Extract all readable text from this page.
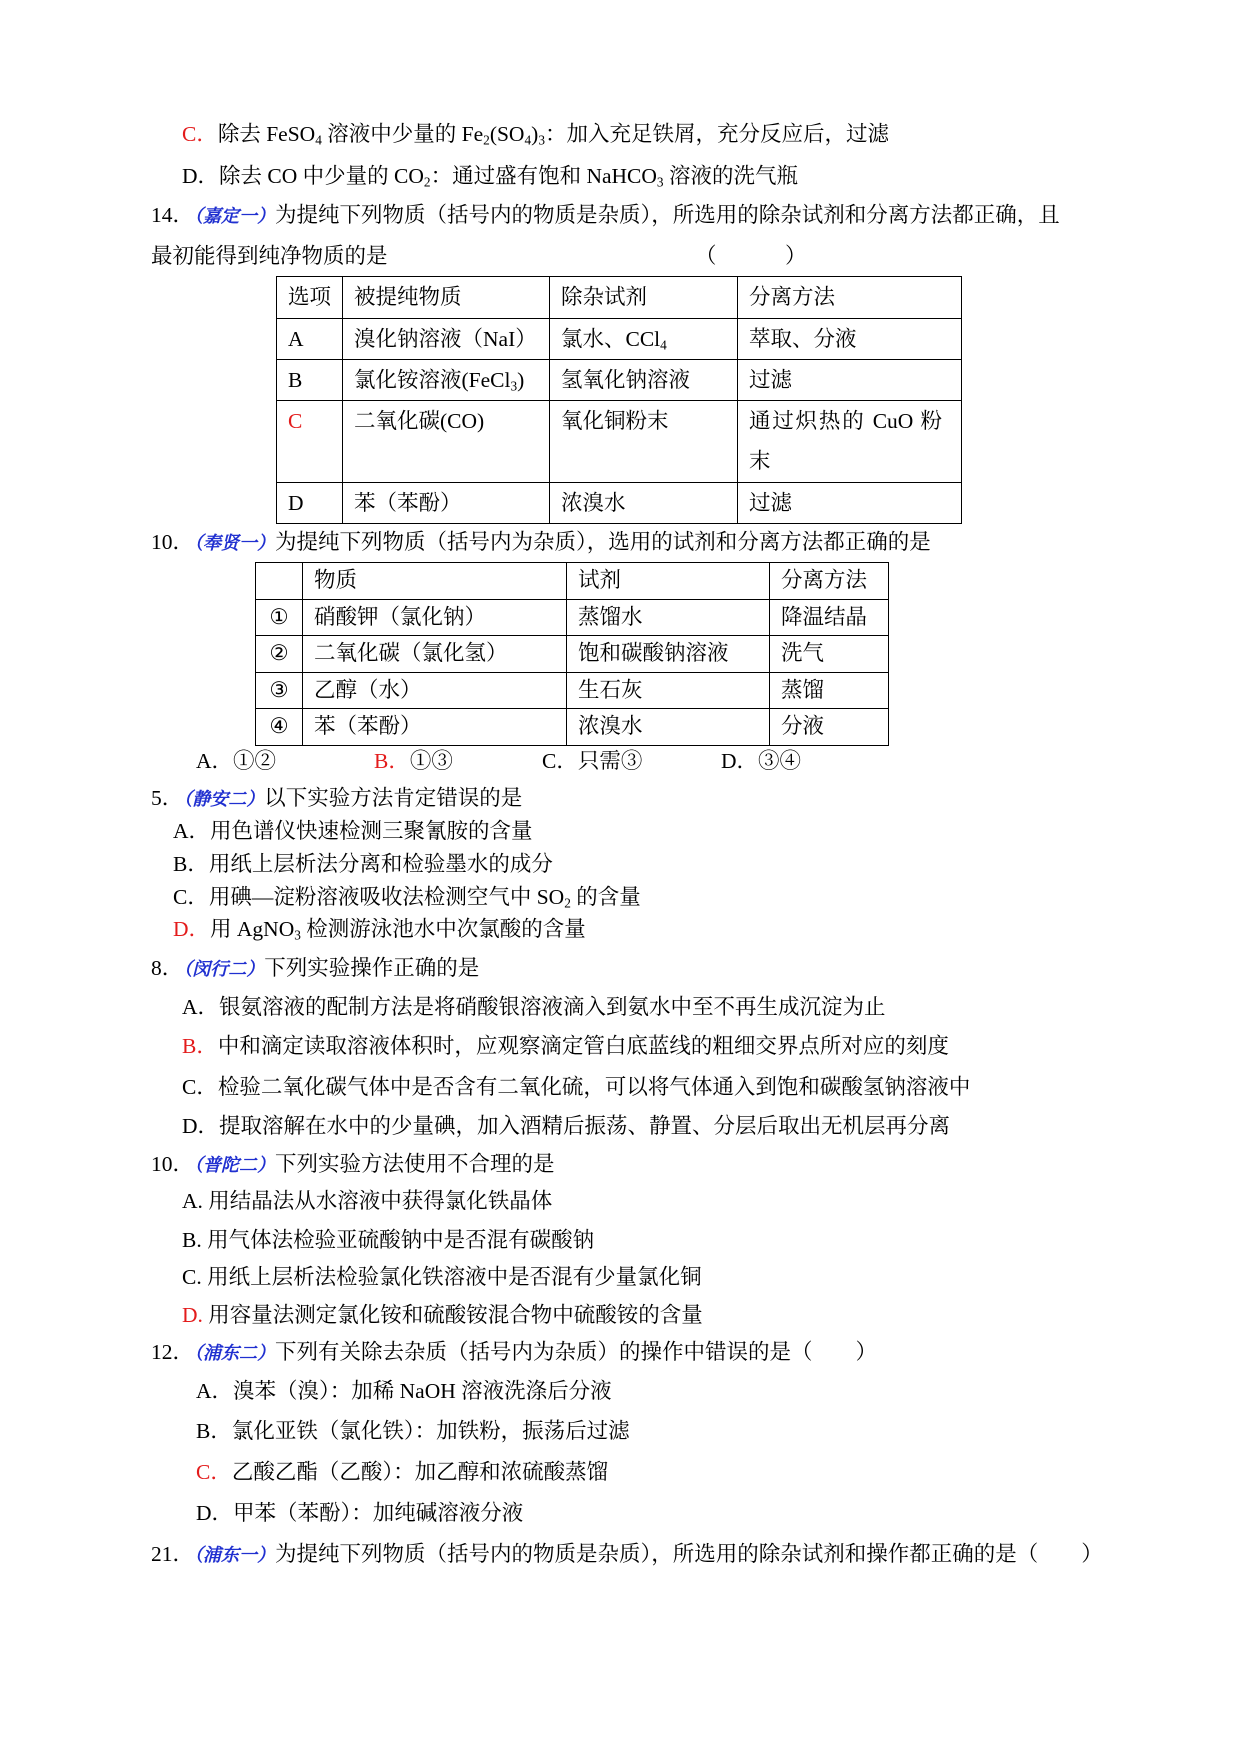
C．除去 FeSO$_4$ 溶液中少量的 $Fe_2(SO_4)_3$：加入充足铁屑，充分反应后，过滤
D．除去 CO 中少量的 $CO_2$：通过盛有饱和 NaHCO$_3$ 溶液的洗气瓶
14．（嘉定一）为提纯下列物质（括号内的物质是杂质），所选用的除杂试剂和分离方法都正确，且
最初能得到纯净物质的是	（	）
选项	被提纯物质	除杂试剂	分离方法
A	溴化钠溶液（NaI）	氯水、CCl$_4$	萃取、分液
B	氯化铵溶液(FeCl$_3$)	氢氧化钠溶液	过滤
C	二氧化碳(CO)	氧化铜粉末	通过炽热的 CuO 粉末

D	苯（苯酚）	浓溴水	过滤
10．（奉贤一）为提纯下列物质（括号内为杂质），选用的试剂和分离方法都正确的是
	物质	试剂	分离方法
①	硝酸钾（氯化钠）	蒸馏水	降温结晶
②	二氧化碳（氯化氢）	饱和碳酸钠溶液	洗气
③	乙醇（水）	生石灰	蒸馏
④	苯（苯酚）	浓溴水	分液
A．①②	B．①③	C．只需③	D．③④
5．（静安二）以下实验方法肯定错误的是
A．用色谱仪快速检测三聚氰胺的含量
B．用纸上层析法分离和检验墨水的成分
C．用碘—淀粉溶液吸收法检测空气中 $SO_2$ 的含量
D．用 AgNO$_3$ 检测游泳池水中次氯酸的含量
8．（闵行二）下列实验操作正确的是
A．银氨溶液的配制方法是将硝酸银溶液滴入到氨水中至不再生成沉淀为止
B．中和滴定读取溶液体积时，应观察滴定管白底蓝线的粗细交界点所对应的刻度
C．检验二氧化碳气体中是否含有二氧化硫，可以将气体通入到饱和碳酸氢钠溶液中
D．提取溶解在水中的少量碘，加入酒精后振荡、静置、分层后取出无机层再分离
10．（普陀二）下列实验方法使用不合理的是
A. 用结晶法从水溶液中获得氯化铁晶体
B. 用气体法检验亚硫酸钠中是否混有碳酸钠
C. 用纸上层析法检验氯化铁溶液中是否混有少量氯化铜
D. 用容量法测定氯化铵和硫酸铵混合物中硫酸铵的含量
12．（浦东二）下列有关除去杂质（括号内为杂质）的操作中错误的是（　　）
A．溴苯（溴）：加稀 NaOH 溶液洗涤后分液
B．氯化亚铁（氯化铁）：加铁粉，振荡后过滤
C．乙酸乙酯（乙酸）：加乙醇和浓硫酸蒸馏
D．甲苯（苯酚）：加纯碱溶液分液
21．（浦东一）为提纯下列物质（括号内的物质是杂质），所选用的除杂试剂和操作都正确的是（　　）
